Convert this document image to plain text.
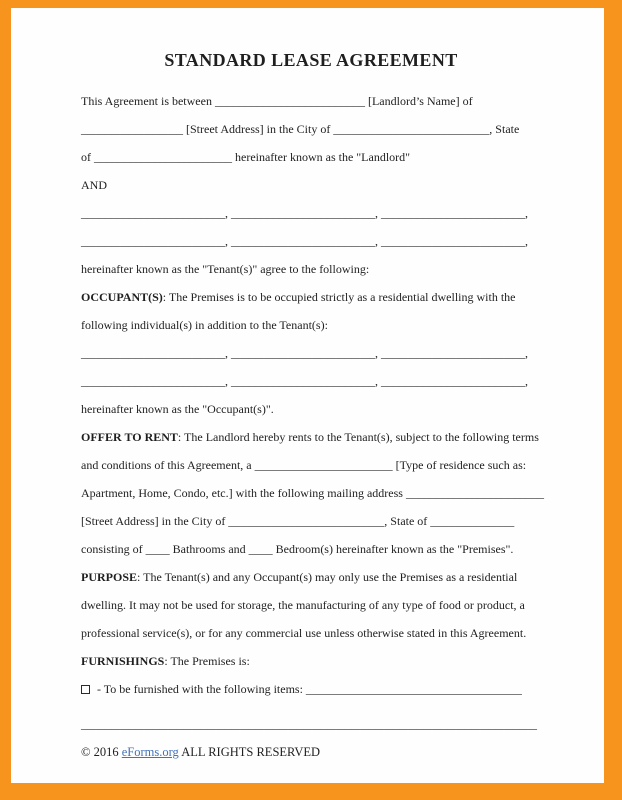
STANDARD LEASE AGREEMENT

This Agreement is between _________________________ [Landlord’s Name] of

_________________ [Street Address] in the City of __________________________, State

of _______________________ hereinafter known as the "Landlord"

AND

________________________, ________________________, ________________________,

________________________, ________________________, ________________________,

hereinafter known as the "Tenant(s)" agree to the following:

OCCUPANT(S): The Premises is to be occupied strictly as a residential dwelling with the

following individual(s) in addition to the Tenant(s):

________________________, ________________________, ________________________,

________________________, ________________________, ________________________,

hereinafter known as the "Occupant(s)".

OFFER TO RENT: The Landlord hereby rents to the Tenant(s), subject to the following terms

and conditions of this Agreement, a _______________________ [Type of residence such as:

Apartment, Home, Condo, etc.] with the following mailing address _______________________

[Street Address] in the City of __________________________, State of ______________

consisting of ____ Bathrooms and ____ Bedroom(s) hereinafter known as the "Premises".

PURPOSE: The Tenant(s) and any Occupant(s) may only use the Premises as a residential

dwelling. It may not be used for storage, the manufacturing of any type of food or product, a

professional service(s), or for any commercial use unless otherwise stated in this Agreement.

FURNISHINGS: The Premises is:

- To be furnished with the following items: ____________________________________

____________________________________________________________________________

© 2016 eForms.org ALL RIGHTS RESERVED
